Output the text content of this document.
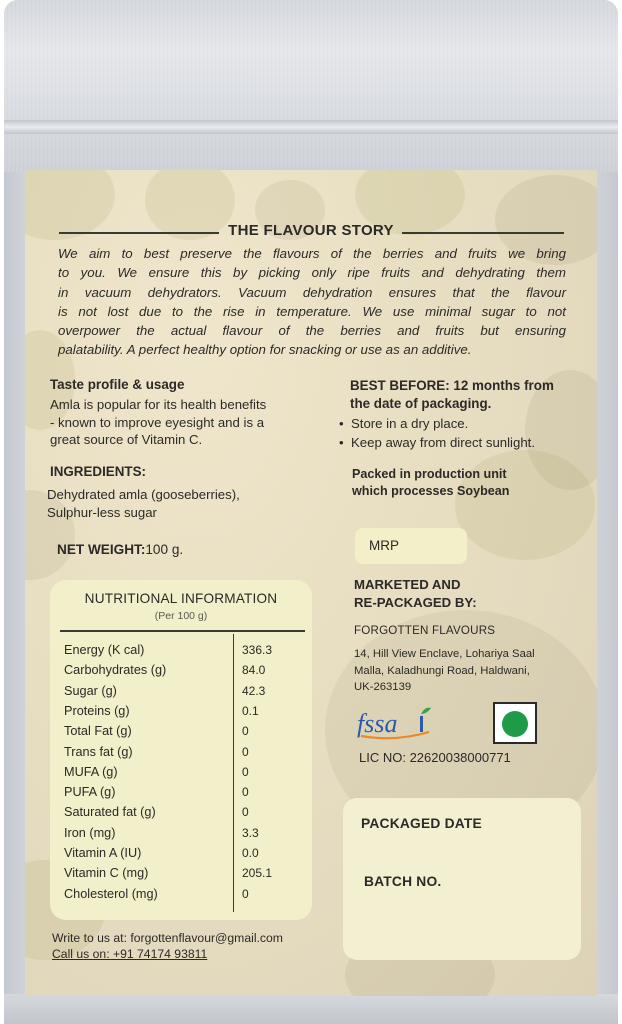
THE FLAVOUR STORY
We aim to best preserve the flavours of the berries and fruits we bring
to you. We ensure this by picking only ripe fruits and dehydrating them
in vacuum dehydrators. Vacuum dehydration ensures that the flavour
is not lost due to the rise in temperature. We use minimal sugar to not
overpower the actual flavour of the berries and fruits but ensuring
palatability. A perfect healthy option for snacking or use as an additive.
Taste profile & usage
Amla is popular for its health benefits
- known to improve eyesight and is a
great source of Vitamin C.
INGREDIENTS:
Dehydrated amla (gooseberries),
Sulphur-less sugar
NET WEIGHT:100 g.
BEST BEFORE: 12 months from
the date of packaging.
• Store in a dry place.
• Keep away from direct sunlight.
Packed in production unit
which processes Soybean
MRP
MARKETED AND
RE-PACKAGED BY:
FORGOTTEN FLAVOURS
14, Hill View Enclave, Lohariya Saal
Malla, Kaladhungi Road, Haldwani,
UK-263139
fssa
LIC NO: 22620038000771
NUTRITIONAL INFORMATION
(Per 100 g)
Energy (K cal)	336.3
Carbohydrates (g)	84.0
Sugar (g)	42.3
Proteins (g)	0.1
Total Fat (g)	0
Trans fat (g)	0
MUFA (g)	0
PUFA (g)	0
Saturated fat (g)	0
Iron (mg)	3.3
Vitamin A (IU)	0.0
Vitamin C (mg)	205.1
Cholesterol (mg)	0
PACKAGED DATE
BATCH NO.
Write to us at: forgottenflavour@gmail.com
Call us on: +91 74174 93811
